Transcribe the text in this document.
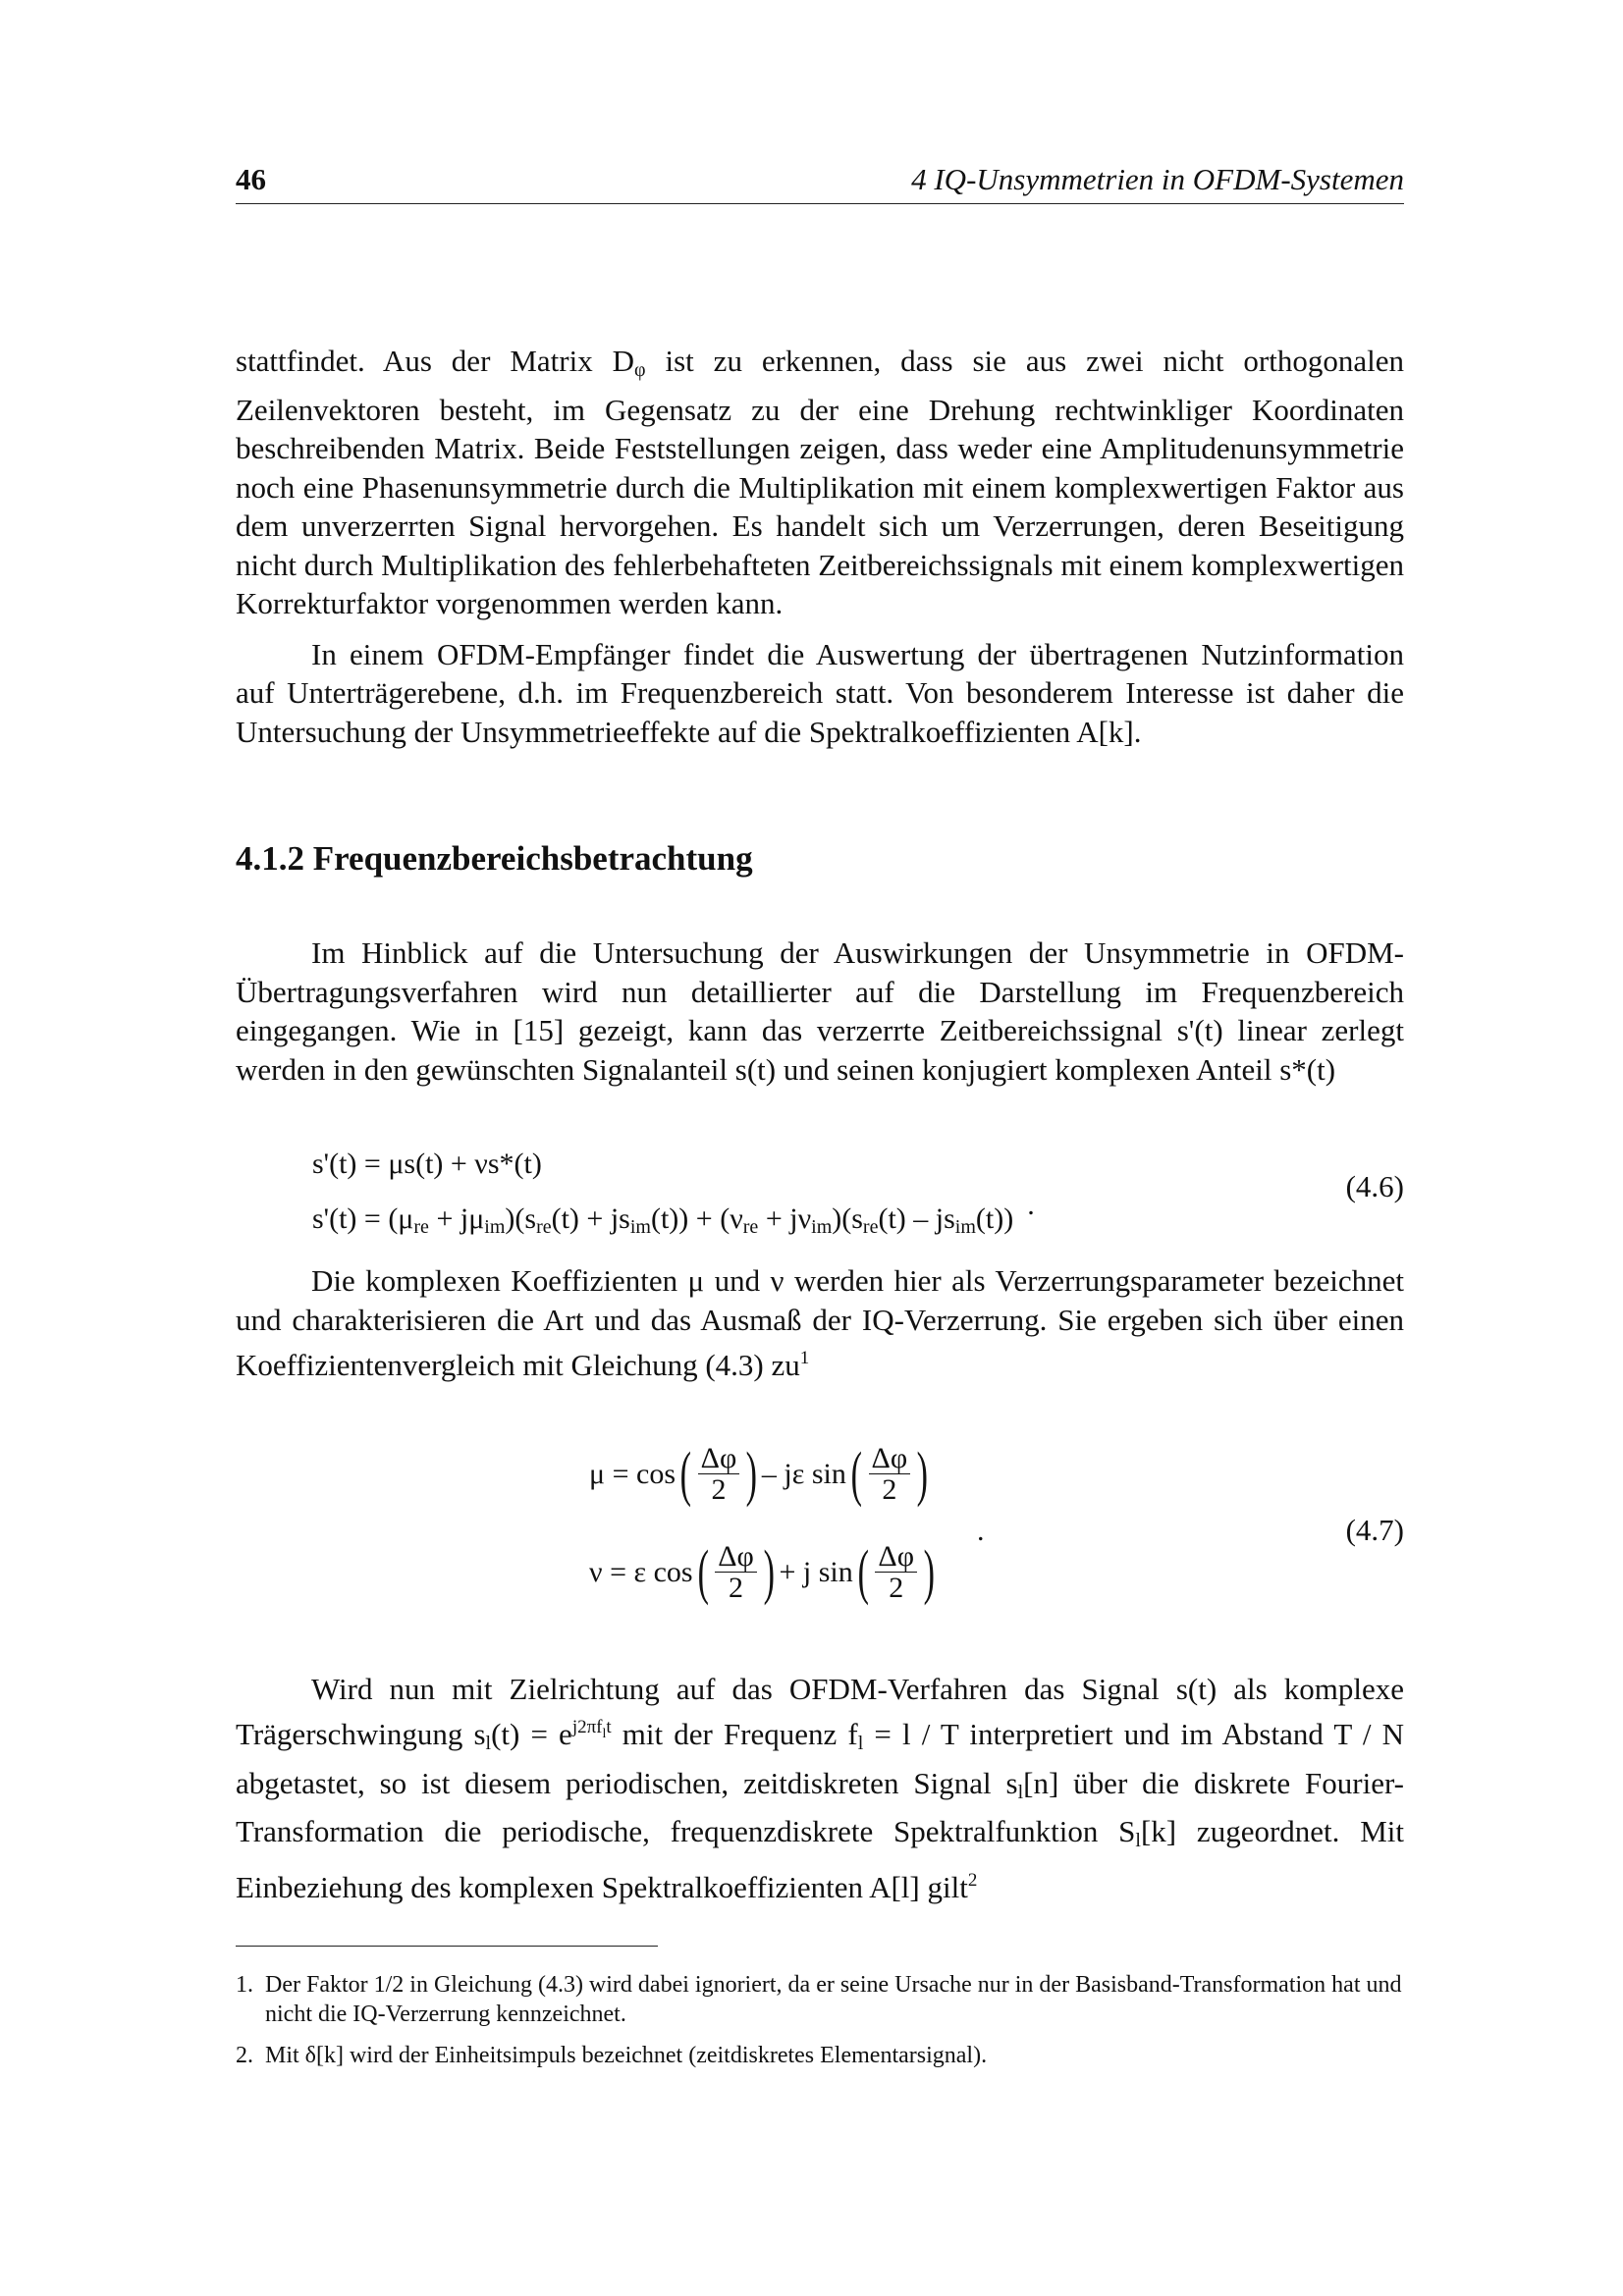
46	4 IQ-Unsymmetrien in OFDM-Systemen

stattfindet. Aus der Matrix $D_\varphi$ ist zu erkennen, dass sie aus zwei nicht orthogonalen Zeilenvektoren besteht, im Gegensatz zu der eine Drehung rechtwinkliger Koordinaten beschreibenden Matrix. Beide Feststellungen zeigen, dass weder eine Amplitudenunsymmetrie noch eine Phasenunsymmetrie durch die Multiplikation mit einem komplexwertigen Faktor aus dem unverzerrten Signal hervorgehen. Es handelt sich um Verzerrungen, deren Beseitigung nicht durch Multiplikation des fehlerbehafteten Zeitbereichssignals mit einem komplexwertigen Korrekturfaktor vorgenommen werden kann.

In einem OFDM-Empfänger findet die Auswertung der übertragenen Nutzinformation auf Unterträgerebene, d.h. im Frequenzbereich statt. Von besonderem Interesse ist daher die Untersuchung der Unsymmetrieeffekte auf die Spektralkoeffizienten A[k].

4.1.2 Frequenzbereichsbetrachtung

Im Hinblick auf die Untersuchung der Auswirkungen der Unsymmetrie in OFDM-Übertragungsverfahren wird nun detaillierter auf die Darstellung im Frequenzbereich eingegangen. Wie in [15] gezeigt, kann das verzerrte Zeitbereichssignal s'(t) linear zerlegt werden in den gewünschten Signalanteil s(t) und seinen konjugiert komplexen Anteil s*(t)

s'(t) = μs(t) + νs*(t)
$s'(t) = (\mu_{re} + j\mu_{im})(s_{re}(t) + js_{im}(t)) + (\nu_{re} + j\nu_{im})(s_{re}(t) - js_{im}(t))$ .
(4.6)

Die komplexen Koeffizienten μ und ν werden hier als Verzerrungsparameter bezeichnet und charakterisieren die Art und das Ausmaß der IQ-Verzerrung. Sie ergeben sich über einen Koeffizientenvergleich mit Gleichung (4.3) $zu^1$

μ = cos ( $\frac{\Delta\varphi}{2}$ ) – jε sin ( $\frac{\Delta\varphi}{2}$ )
.
ν = ε cos ( $\frac{\Delta\varphi}{2}$ ) + j sin ( $\frac{\Delta\varphi}{2}$ )
(4.7)

Wird nun mit Zielrichtung auf das OFDM-Verfahren das Signal s(t) als komplexe Trägerschwingung $s_l(t) = e^{j2\pi f_lt}$ mit der Frequenz $f_l = l / T$ interpretiert und im Abstand T / N abgetastet, so ist diesem periodischen, zeitdiskreten Signal $s_l[n]$ über die diskrete Fourier-Transformation die periodische, frequenzdiskrete Spektralfunktion $S_l[k]$ zugeordnet. Mit Einbeziehung des komplexen Spektralkoeffizienten A[l] gilt$^2$

1. Der Faktor 1/2 in Gleichung (4.3) wird dabei ignoriert, da er seine Ursache nur in der Basisband-Transformation hat und nicht die IQ-Verzerrung kennzeichnet.
2. Mit δ[k] wird der Einheitsimpuls bezeichnet (zeitdiskretes Elementarsignal).
